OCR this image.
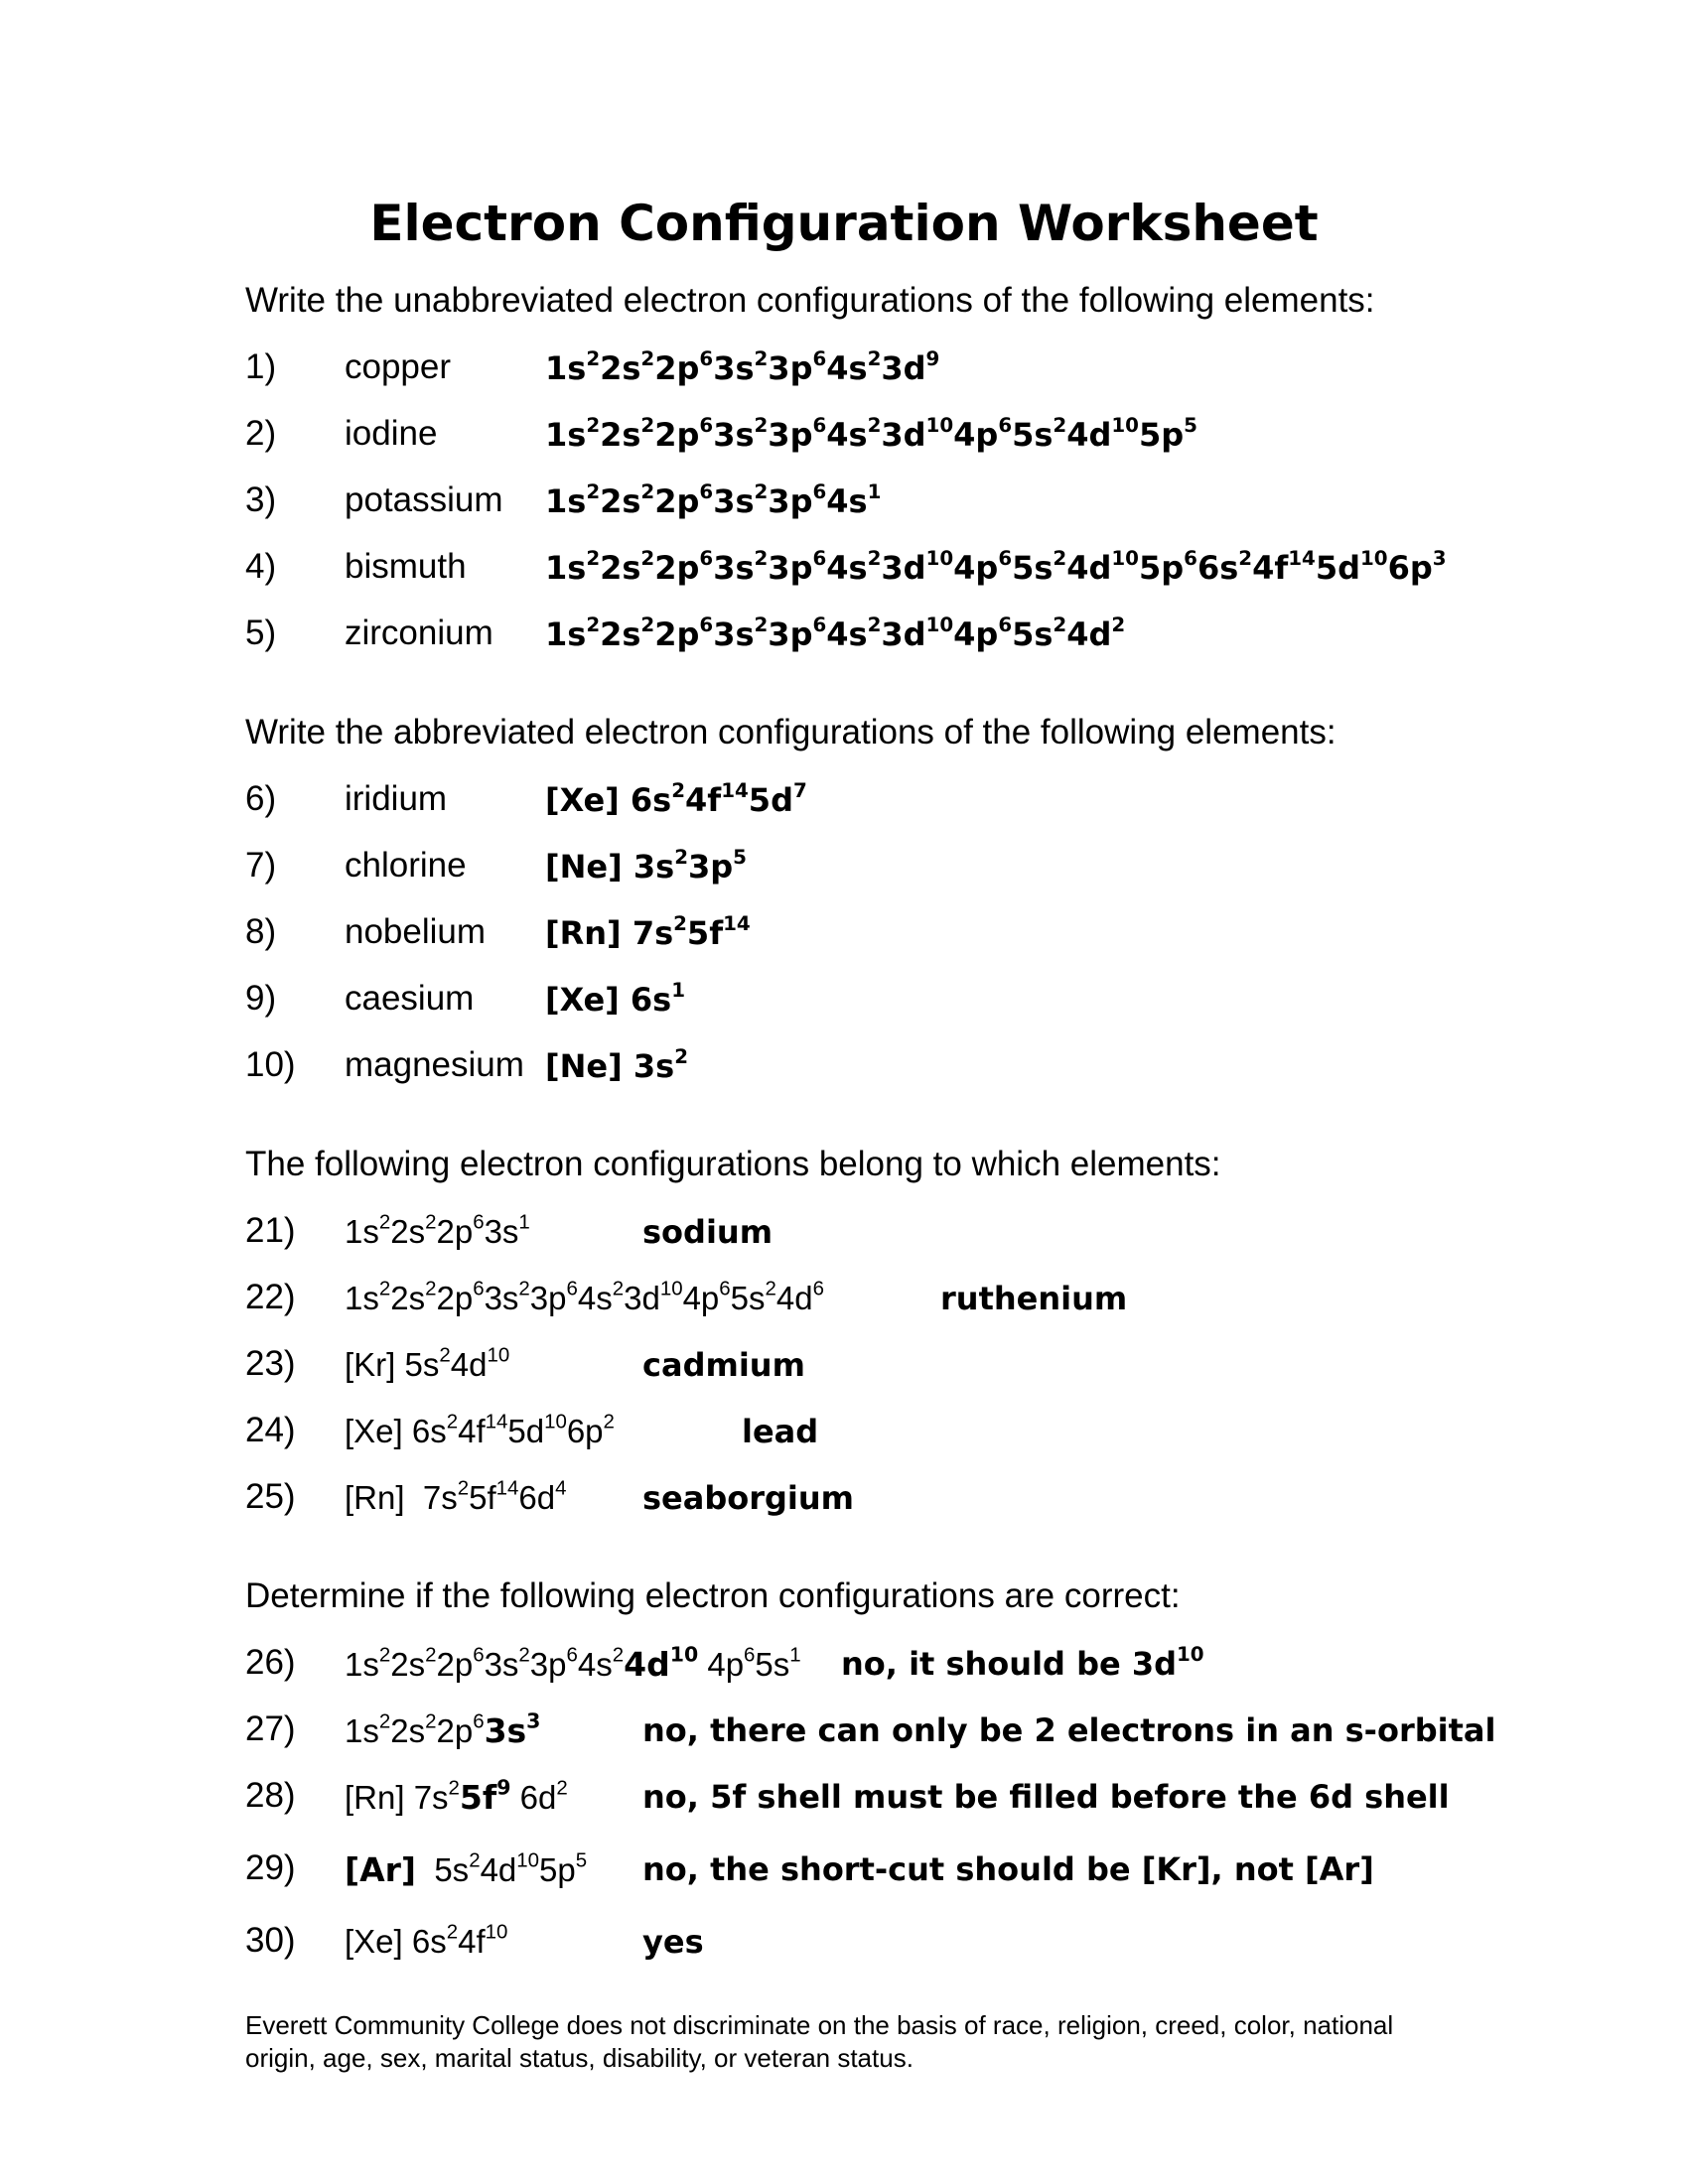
Electron Configuration Worksheet
Write the unabbreviated electron configurations of the following elements:
1) copper	$1s^22s^22p^63s^23p^64s^23d^9$
2) iodine	$1s^22s^22p^63s^23p^64s^23d^{10}4p^65s^24d^{10}5p^5$
3) potassium $1s^22s^22p^63s^23p^64s^1$
4) bismuth $1s^22s^22p^63s^23p^64s^23d^{10}4p^65s^24d^{10}5p^66s^24f^{14}5d^{10}6p^3$
5) zirconium $1s^22s^22p^63s^23p^64s^23d^{10}4p^65s^24d^2$
Write the abbreviated electron configurations of the following elements:
6) iridium	[Xe] $6s^24f^{14}5d^7$
7) chlorine [Ne] $3s^23p^5$
8) nobelium [Rn] $7s^25f^{14}$
9) caesium [Xe] $6s^1$
10) magnesium [Ne] $3s^2$
The following electron configurations belong to which elements:
21) $1s^22s^22p^63s^1$	sodium
22) $1s^22s^22p^63s^23p^64s^23d^{10}4p^65s^24d^6$	ruthenium
23) [Kr] $5s^24d^{10}$	cadmium
24) [Xe] $6s^24f^{14}5d^{10}6p^2$	lead
25) [Rn]  $7s^25f^{14}6d^4$ seaborgium
Determine if the following electron configurations are correct:
26) $1s^22s^22p^63s^23p^64s^24d^{10}$ $4p^65s^1$ no, it should be $3d^{10}$
27) $1s^22s^22p^63s^3$	no, there can only be 2 electrons in an s-orbital
28) [Rn] $7s^25f^9$ $6d^2$ no, 5f shell must be filled before the 6d shell
29) [Ar]  $5s^24d^{10}5p^5$ no, the short-cut should be [Kr], not [Ar]
30) [Xe] $6s^24f^{10}$	yes
Everett Community College does not discriminate on the basis of race, religion, creed, color, national origin, age, sex, marital status, disability, or veteran status.
